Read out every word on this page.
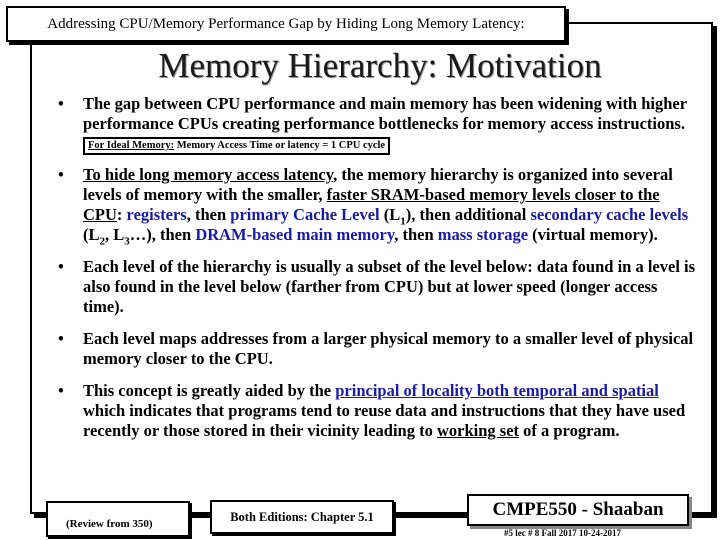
Addressing CPU/Memory Performance Gap by Hiding Long Memory Latency:
Memory Hierarchy: Motivation
• The gap between CPU performance and main memory has been widening with higher performance CPUs creating performance bottlenecks for memory access instructions. For Ideal Memory: Memory Access Time or latency = 1 CPU cycle
• To hide long memory access latency, the memory hierarchy is organized into several levels of memory with the smaller, faster SRAM-based memory levels closer to the CPU: registers, then primary Cache Level $(L_1)$, then additional secondary cache levels ($L_2$, $L_3\dots$), then DRAM-based main memory, then mass storage (virtual memory).
• Each level of the hierarchy is usually a subset of the level below: data found in a level is also found in the level below (farther from CPU) but at lower speed (longer access time).
• Each level maps addresses from a larger physical memory to a smaller level of physical memory closer to the CPU.
• This concept is greatly aided by the principal of locality both temporal and spatial which indicates that programs tend to reuse data and instructions that they have used recently or those stored in their vicinity leading to working set of a program.
(Review from 350)	Both Editions: Chapter 5.1	CMPE550 - Shaaban
#5 lec # 8 Fall 2017 10-24-2017
